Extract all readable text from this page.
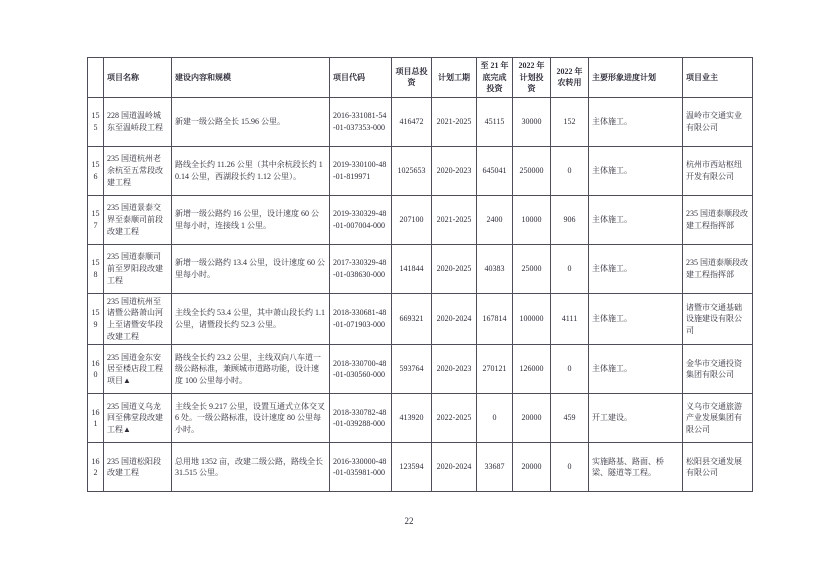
	项目名称	建设内容和规模	项目代码	项目总投资	计划工期	至 21 年底完成投资	2022 年计划投资	2022 年农转用	主要形象进度计划	项目业主
155	228 国道温岭城东至温峤段工程	新建一级公路全长 15.96 公里。	2016-331081-54-01-037353-000	416472	2021-2025	45115	30000	152	主体施工。	温岭市交通实业有限公司
156	235 国道杭州老余杭至五常段改建工程	路线全长约 11.26 公里（其中余杭段长约 10.14 公里，西湖段长约 1.12 公里）。	2019-330100-48-01-819971	1025653	2020-2023	645041	250000	0	主体施工。	杭州市西站枢纽开发有限公司
157	235 国道景泰交界至泰顺司前段改建工程	新增一级公路约 16 公里，设计速度 60 公里每小时，连接线 1 公里。	2019-330329-48-01-007004-000	207100	2021-2025	2400	10000	906	主体施工。	235 国道泰顺段改建工程指挥部
158	235 国道泰顺司前至罗阳段改建工程	新增一级公路约 13.4 公里，设计速度 60 公里每小时。	2017-330329-48-01-038630-000	141844	2020-2025	40383	25000	0	主体施工。	235 国道泰顺段改建工程指挥部
159	235 国道杭州至诸暨公路萧山河上至诸暨安华段改建工程	主线全长约 53.4 公里，其中萧山段长约 1.1 公里，诸暨段长约 52.3 公里。	2018-330681-48-01-071903-000	669321	2020-2024	167814	100000	4111	主体施工。	诸暨市交通基础设施建设有限公司
160	235 国道金东安居至楼店段工程项目▲	路线全长约 23.2 公里，主线双向八车道一级公路标准，兼顾城市道路功能，设计速度 100 公里每小时。	2018-330700-48-01-030560-000	593764	2020-2023	270121	126000	0	主体施工。	金华市交通投资集团有限公司
161	235 国道义乌龙回至佛堂段改建工程▲	主线全长 9.217 公里，设置互通式立体交叉 6 处。一级公路标准，设计速度 80 公里每小时。	2018-330782-48-01-039288-000	413920	2022-2025	0	20000	459	开工建设。	义乌市交通旅游产业发展集团有限公司
162	235 国道松阳段改建工程	总用地 1352 亩，改建二级公路，路线全长 31.515 公里。	2016-330000-48-01-035981-000	123594	2020-2024	33687	20000	0	实施路基、路面、桥梁、隧道等工程。	松阳县交通发展有限公司
22
